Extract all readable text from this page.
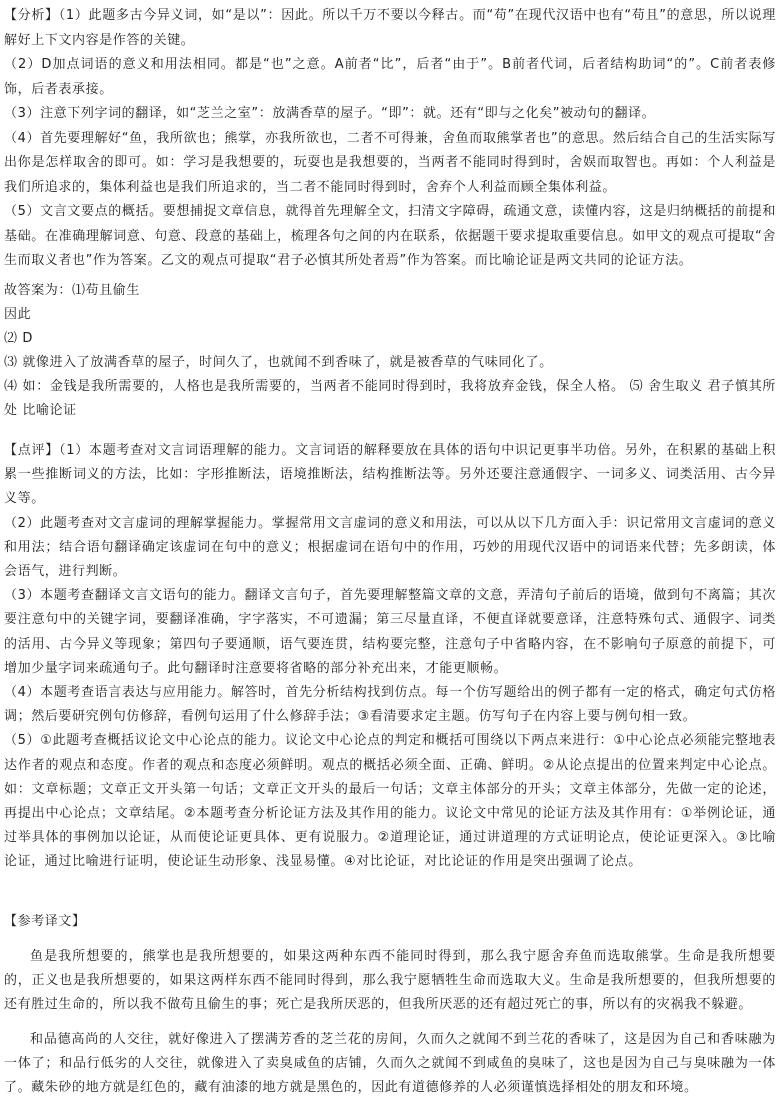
【分析】（1）此题多古今异义词，如“是以”：因此。所以千万不要以今释古。而“苟”在现代汉语中也有“苟且”的意思，所以说理解好上下文内容是作答的关键。

（2）D加点词语的意义和用法相同。都是“也”之意。A前者“比”，后者“由于”。B前者代词，后者结构助词“的”。C前者表修饰，后者表承接。

（3）注意下列字词的翻译，如“芝兰之室”：放满香草的屋子。“即”：就。还有“即与之化矣”被动句的翻译。

（4）首先要理解好“鱼，我所欲也；熊掌，亦我所欲也，二者不可得兼，舍鱼而取熊掌者也”的意思。然后结合自己的生活实际写出你是怎样取舍的即可。如：学习是我想要的，玩耍也是我想要的，当两者不能同时得到时，舍娱而取智也。再如：个人利益是我们所追求的，集体利益也是我们所追求的，当二者不能同时得到时，舍弃个人利益而顾全集体利益。

（5）文言文要点的概括。要想捕捉文章信息，就得首先理解全文，扫清文字障碍，疏通文意，读懂内容，这是归纳概括的前提和基础。在准确理解词意、句意、段意的基础上，梳理各句之间的内在联系，依据题干要求提取重要信息。如甲文的观点可提取“舍生而取义者也”作为答案。乙文的观点可提取“君子必慎其所处者焉”作为答案。而比喻论证是两文共同的论证方法。

故答案为：⑴苟且偷生

因此

⑵ D

⑶ 就像进入了放满香草的屋子，时间久了，也就闻不到香味了，就是被香草的气味同化了。

⑷ 如：金钱是我所需要的，人格也是我所需要的，当两者不能同时得到时，我将放弃金钱，保全人格。 ⑸ 舍生取义 君子慎其所处 比喻论证

【点评】（1）本题考查对文言词语理解的能力。文言词语的解释要放在具体的语句中识记更事半功倍。另外，在积累的基础上积累一些推断词义的方法，比如：字形推断法，语境推断法，结构推断法等。另外还要注意通假字、一词多义、词类活用、古今异义等。

（2）此题考查对文言虚词的理解掌握能力。掌握常用文言虚词的意义和用法，可以从以下几方面入手：识记常用文言虚词的意义和用法；结合语句翻译确定该虚词在句中的意义；根据虚词在语句中的作用，巧妙的用现代汉语中的词语来代替；先多朗读，体会语气，进行判断。

（3）本题考查翻译文言文语句的能力。翻译文言句子，首先要理解整篇文章的文意，弄清句子前后的语境，做到句不离篇；其次要注意句中的关键字词，要翻译准确，字字落实，不可遗漏；第三尽量直译，不便直译就要意译，注意特殊句式、通假字、词类的活用、古今异义等现象；第四句子要通顺，语气要连贯，结构要完整，注意句子中省略内容，在不影响句子原意的前提下，可增加少量字词来疏通句子。此句翻译时注意要将省略的部分补充出来，才能更顺畅。

（4）本题考查语言表达与应用能力。解答时，首先分析结构找到仿点。每一个仿写题给出的例子都有一定的格式，确定句式仿格调；然后要研究例句仿修辞，看例句运用了什么修辞手法；③看清要求定主题。仿写句子在内容上要与例句相一致。

（5）①此题考查概括议论文中心论点的能力。议论文中心论点的判定和概括可围绕以下两点来进行：①中心论点必须能完整地表达作者的观点和态度。作者的观点和态度必须鲜明。观点的概括必须全面、正确、鲜明。②从论点提出的位置来判定中心论点。如：文章标题；文章正文开头第一句话；文章正文开头的最后一句话；文章主体部分的开头；文章主体部分，先做一定的论述，再提出中心论点；文章结尾。②本题考查分析论证方法及其作用的能力。议论文中常见的论证方法及其作用有：①举例论证，通过举具体的事例加以论证，从而使论证更具体、更有说服力。②道理论证，通过讲道理的方式证明论点，使论证更深入。③比喻论证，通过比喻进行证明，使论证生动形象、浅显易懂。④对比论证，对比论证的作用是突出强调了论点。

【参考译文】

鱼是我所想要的，熊掌也是我所想要的，如果这两种东西不能同时得到，那么我宁愿舍弃鱼而选取熊掌。生命是我所想要的，正义也是我所想要的，如果这两样东西不能同时得到，那么我宁愿牺牲生命而选取大义。生命是我所想要的，但我所想要的还有胜过生命的，所以我不做苟且偷生的事；死亡是我所厌恶的，但我所厌恶的还有超过死亡的事，所以有的灾祸我不躲避。

和品德高尚的人交往，就好像进入了摆满芳香的芝兰花的房间，久而久之就闻不到兰花的香味了，这是因为自己和香味融为一体了；和品行低劣的人交往，就像进入了卖臭咸鱼的店铺，久而久之就闻不到咸鱼的臭味了，这也是因为自己与臭味融为一体了。藏朱砂的地方就是红色的，藏有油漆的地方就是黑色的，因此有道德修养的人必须谨慎选择相处的朋友和环境。
